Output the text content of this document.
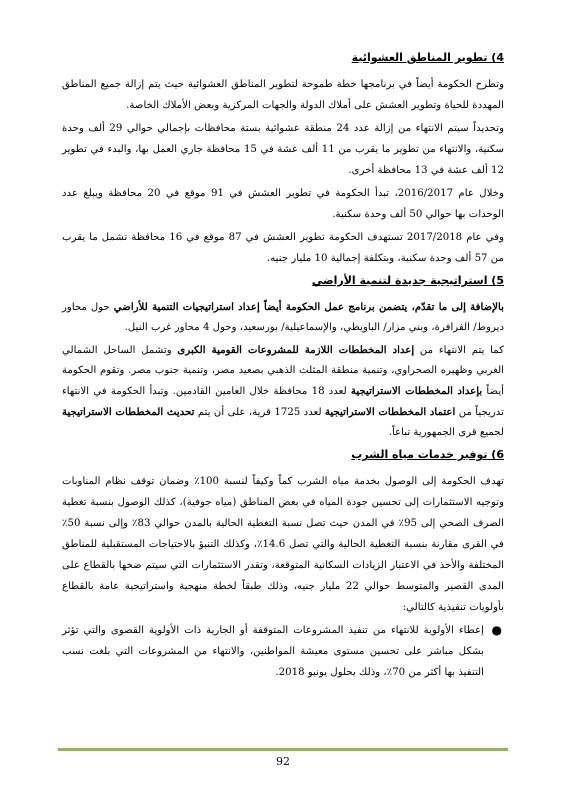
4) تطوير المناطق العشوائية
وتطرح الحكومة أيضاً في برنامجها خطة طموحة لتطوير المناطق العشوائية حيث يتم إزالة جميع المناطق المهددة للحياة وتطوير العشش على أملاك الدولة والجهات المركزية وبعض الأملاك الخاصة.
وتحديداً سيتم الانتهاء من إزالة عدد 24 منطقة عشوائية بستة محافظات بإجمالي حوالي 29 ألف وحدة سكنية، والانتهاء من تطوير ما يقرب من 11 ألف عشة في 15 محافظة جاري العمل بها، والبدء في تطوير 12 ألف عشة في 13 محافظة أخرى.
وخلال عام 2016/2017، تبدأ الحكومة في تطوير العشش في 91 موقع في 20 محافظة ويبلغ عدد الوحدات بها حوالي 50 ألف وحدة سكنية.
وفي عام 2017/2018 تستهدف الحكومة تطوير العشش في 87 موقع في 16 محافظة تشمل ما يقرب من 57 ألف وحدة سكنية، وبتكلفة إجمالية 10 مليار جنيه.
5) استراتيجية جديدة لتنمية الأراضي
بالإضافة إلى ما تقدّم، يتضمن برنامج عمل الحكومة أيضاً إعداد استراتيجيات التنمية للأراضي حول محاور ديروط/ الفرافرة، وبني مزار/ الباويطي، والإسماعيلية/ بورسعيد، وحول 4 محاور غرب النيل.
كما يتم الانتهاء من إعداد المخططات اللازمة للمشروعات القومية الكبرى وتشمل الساحل الشمالي الغربي وظهيره الصحراوي، وتنمية منطقة المثلث الذهبي بصعيد مصر، وتنمية جنوب مصر. وتقوم الحكومة أيضاً بإعداد المخططات الاستراتيجية لعدد 18 محافظة خلال العامين القادمين. وتبدأ الحكومة في الانتهاء تدريجياً من اعتماد المخططات الاستراتيجية لعدد 1725 قرية، على أن يتم تحديث المخططات الاستراتيجية لجميع قرى الجمهورية تباعاً.
6) توفير خدمات مياه الشرب
تهدف الحكومة إلى الوصول بخدمة مياه الشرب كماً وكيفاً لنسبة 100٪ وضمان توقف نظام المناوبات وتوجيه الاستثمارات إلى تحسين جودة المياه في بعض المناطق (مياه جوفية)، كذلك الوصول بنسبة تغطية الصرف الصحي إلى 95٪ في المدن حيث تصل نسبة التغطية الحالية بالمدن حوالي 83٪ وإلى نسبة 50٪ في القرى مقارنة بنسبة التغطية الحالية والتي تصل 14.6٪، وكذلك التنبؤ بالاحتياجات المستقبلية للمناطق المختلفة والأخذ في الاعتبار الزيادات السكانية المتوقعة، وتقدر الاستثمارات التي سيتم ضخها بالقطاع على المدى القصير والمتوسط حوالي 22 مليار جنيه، وذلك طبقاً لخطة منهجية واستراتيجية عامة بالقطاع بأولويات تنفيذية كالتالي:
●
إعطاء الأولوية للانتهاء من تنفيذ المشروعات المتوقفة أو الجارية ذات الأولوية القصوى والتي تؤثر بشكل مباشر على تحسين مستوى معيشة المواطنين، والانتهاء من المشروعات التي بلغت نسب التنفيذ بها أكثر من 70٪، وذلك بحلول يونيو 2018.
92
